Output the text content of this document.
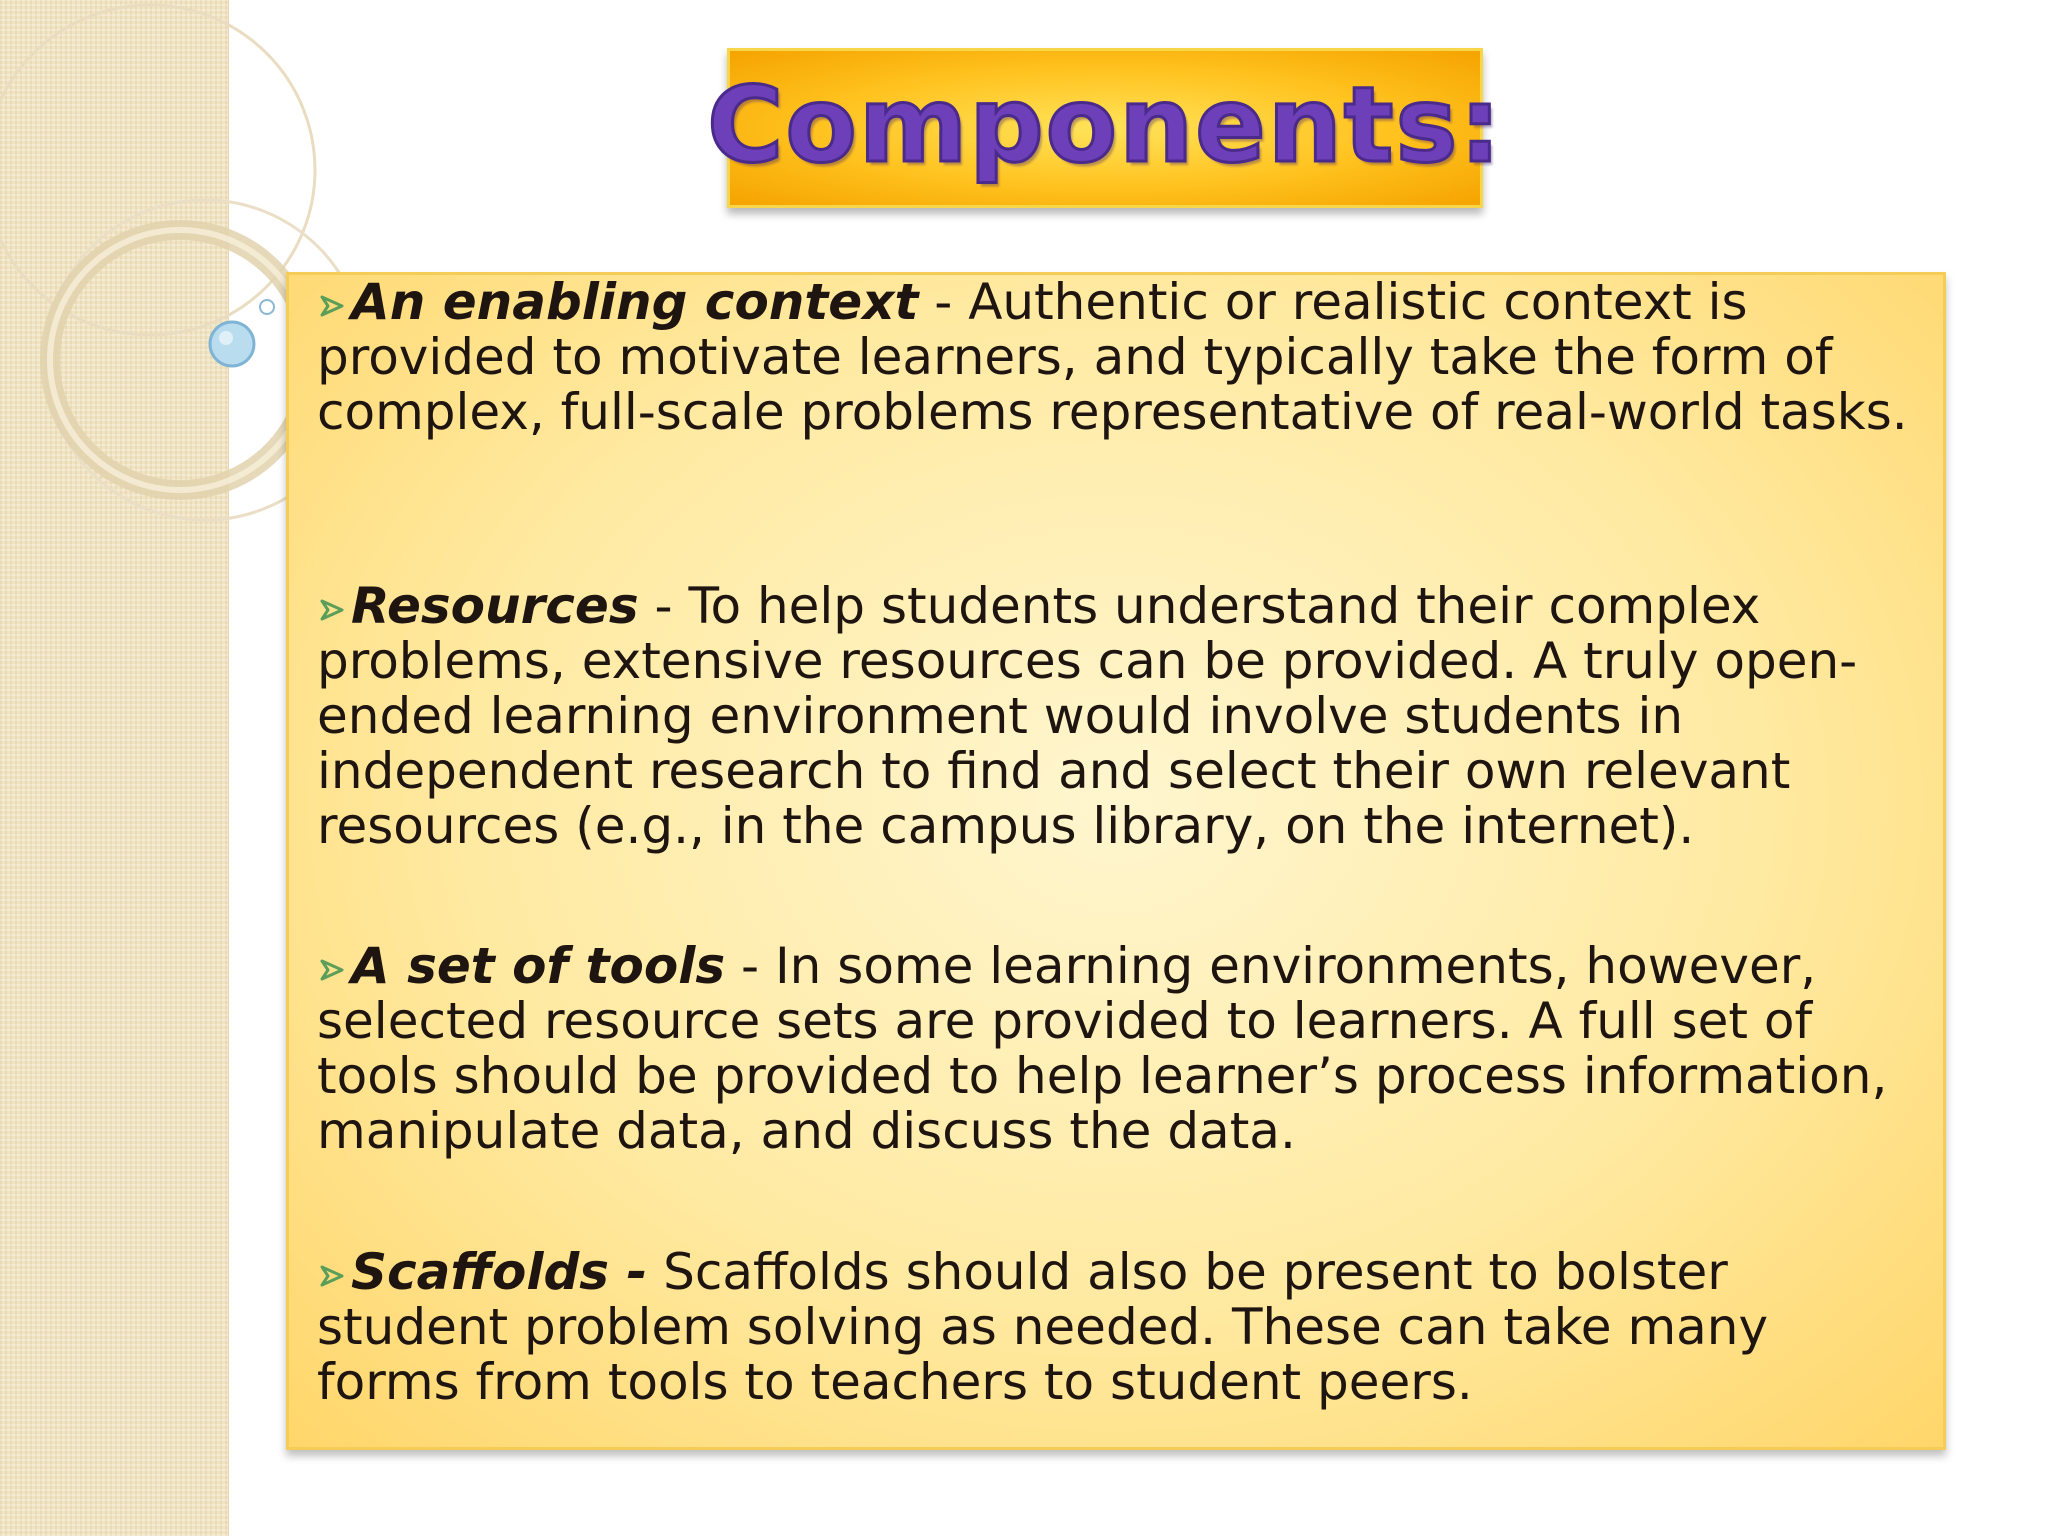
Components:

An enabling context - Authentic or realistic context is provided to motivate learners, and typically take the form of complex, full-scale problems representative of real-world tasks.

Resources - To help students understand their complex problems, extensive resources can be provided. A truly open-ended learning environment would involve students in independent research to find and select their own relevant resources (e.g., in the campus library, on the internet).

A set of tools - In some learning environments, however, selected resource sets are provided to learners. A full set of tools should be provided to help learner’s process information, manipulate data, and discuss the data.

Scaffolds - Scaffolds should also be present to bolster student problem solving as needed. These can take many forms from tools to teachers to student peers.
